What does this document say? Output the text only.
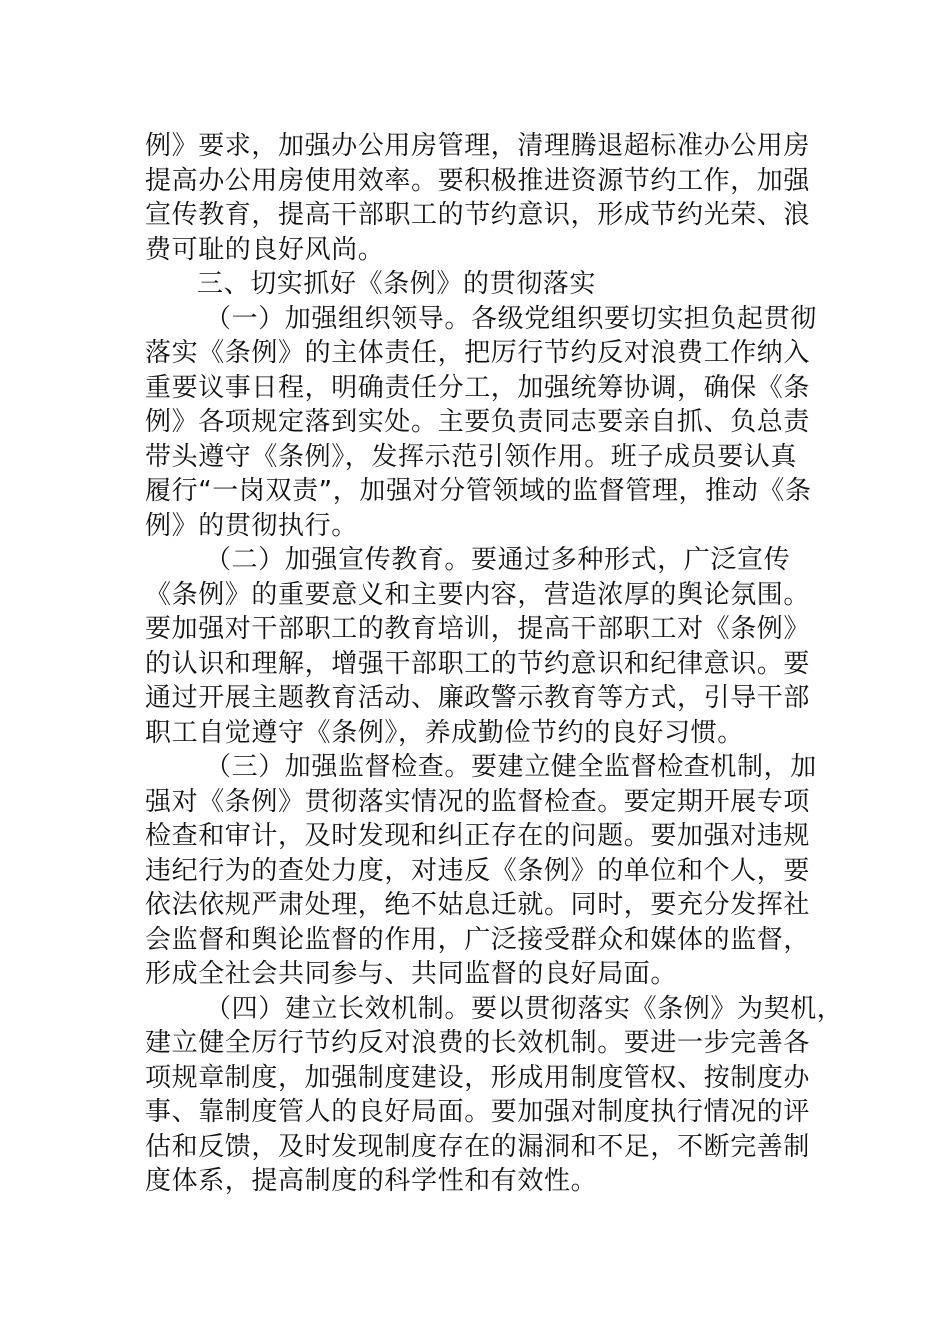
例》要求，加强办公用房管理，清理腾退超标准办公用房
提高办公用房使用效率。要积极推进资源节约工作，加强
宣传教育，提高干部职工的节约意识，形成节约光荣、浪
费可耻的良好风尚。
三、切实抓好《条例》的贯彻落实
（一）加强组织领导。各级党组织要切实担负起贯彻
落实《条例》的主体责任，把厉行节约反对浪费工作纳入
重要议事日程，明确责任分工，加强统筹协调，确保《条
例》各项规定落到实处。主要负责同志要亲自抓、负总责
带头遵守《条例》，发挥示范引领作用。班子成员要认真
履行“一岗双责”，加强对分管领域的监督管理，推动《条
例》的贯彻执行。
（二）加强宣传教育。要通过多种形式，广泛宣传
《条例》的重要意义和主要内容，营造浓厚的舆论氛围。
要加强对干部职工的教育培训，提高干部职工对《条例》
的认识和理解，增强干部职工的节约意识和纪律意识。要
通过开展主题教育活动、廉政警示教育等方式，引导干部
职工自觉遵守《条例》，养成勤俭节约的良好习惯。
（三）加强监督检查。要建立健全监督检查机制，加
强对《条例》贯彻落实情况的监督检查。要定期开展专项
检查和审计，及时发现和纠正存在的问题。要加强对违规
违纪行为的查处力度，对违反《条例》的单位和个人，要
依法依规严肃处理，绝不姑息迁就。同时，要充分发挥社
会监督和舆论监督的作用，广泛接受群众和媒体的监督，
形成全社会共同参与、共同监督的良好局面。
（四）建立长效机制。要以贯彻落实《条例》为契机，
建立健全厉行节约反对浪费的长效机制。要进一步完善各
项规章制度，加强制度建设，形成用制度管权、按制度办
事、靠制度管人的良好局面。要加强对制度执行情况的评
估和反馈，及时发现制度存在的漏洞和不足，不断完善制
度体系，提高制度的科学性和有效性。
